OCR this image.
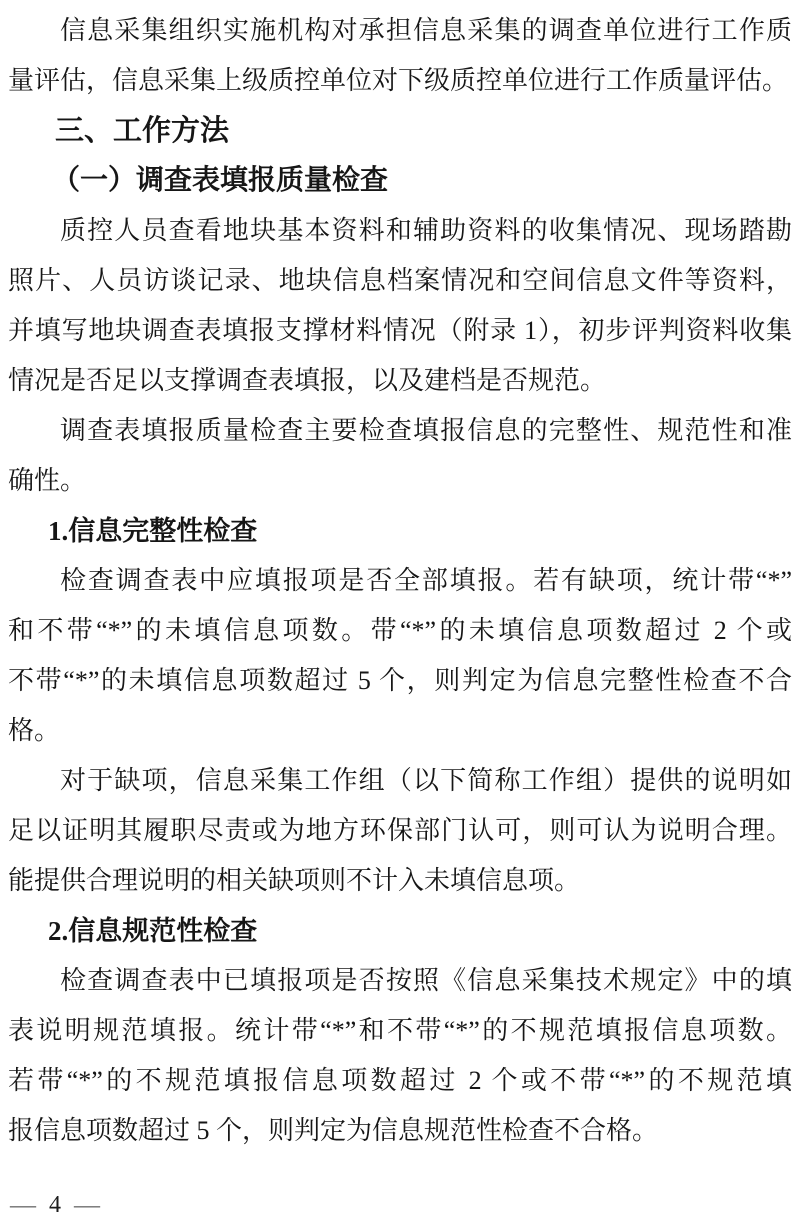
信息采集组织实施机构对承担信息采集的调查单位进行工作质
量评估，信息采集上级质控单位对下级质控单位进行工作质量评估。
三、工作方法
（一）调查表填报质量检查
质控人员查看地块基本资料和辅助资料的收集情况、现场踏勘
照片、人员访谈记录、地块信息档案情况和空间信息文件等资料，
并填写地块调查表填报支撑材料情况（附录 1），初步评判资料收集
情况是否足以支撑调查表填报，以及建档是否规范。
调查表填报质量检查主要检查填报信息的完整性、规范性和准
确性。
1.信息完整性检查
检查调查表中应填报项是否全部填报。若有缺项，统计带“*”
和不带“*”的未填信息项数。带“*”的未填信息项数超过 2 个或
不带“*”的未填信息项数超过 5 个，则判定为信息完整性检查不合
格。
对于缺项，信息采集工作组（以下简称工作组）提供的说明如
足以证明其履职尽责或为地方环保部门认可，则可认为说明合理。
能提供合理说明的相关缺项则不计入未填信息项。
2.信息规范性检查
检查调查表中已填报项是否按照《信息采集技术规定》中的填
表说明规范填报。统计带“*”和不带“*”的不规范填报信息项数。
若带“*”的不规范填报信息项数超过 2 个或不带“*”的不规范填
报信息项数超过 5 个，则判定为信息规范性检查不合格。
— 4 —
